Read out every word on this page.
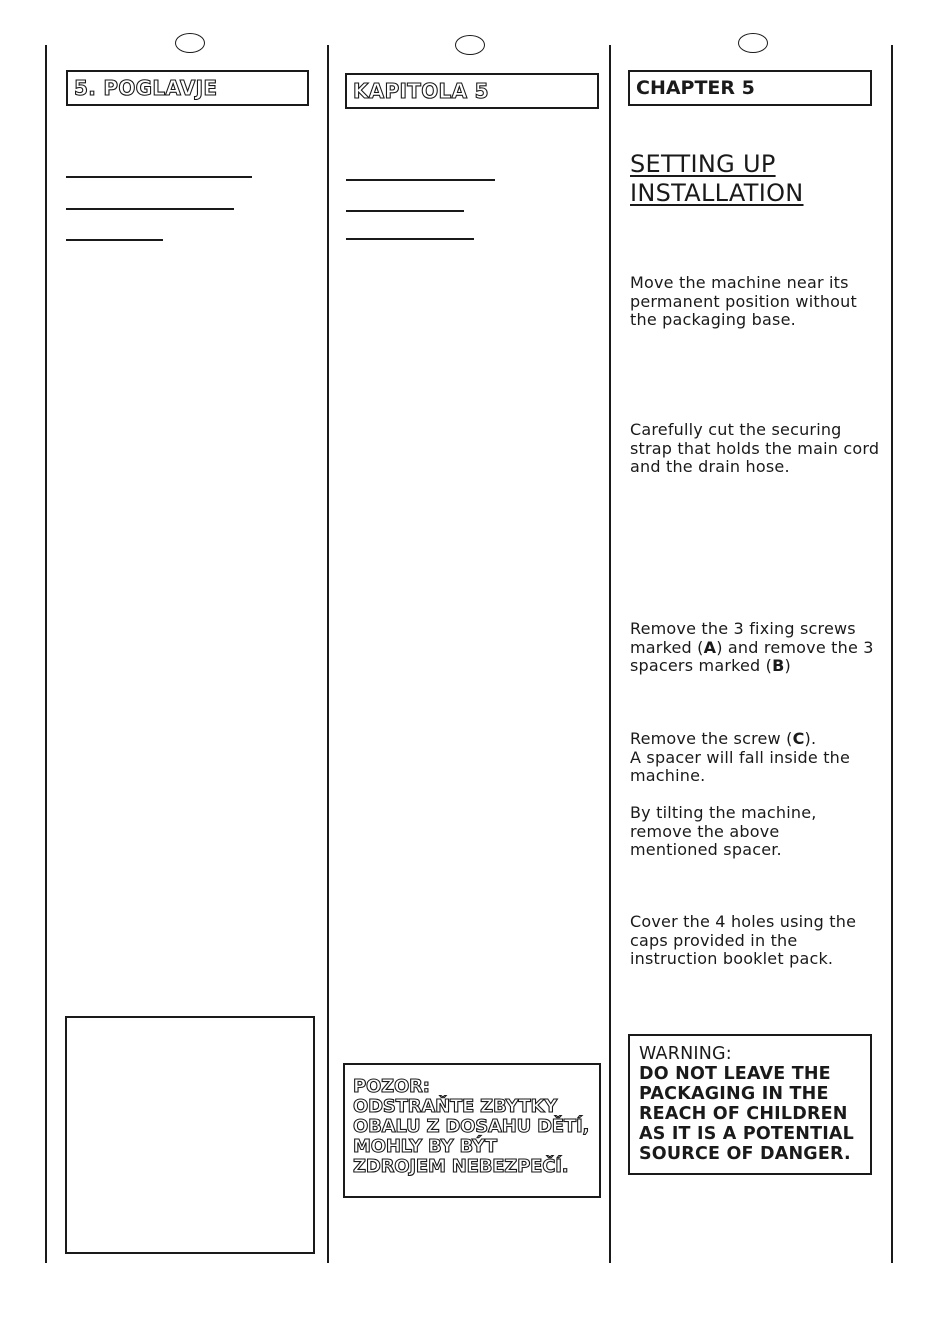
5. POGLAVJE	KAPITOLA 5
POZOR:
ODSTRAŇTE ZBYTKY
OBALU Z DOSAHU DĚTÍ,
MOHLY BY BÝT
ZDROJEM NEBEZPEČÍ.
CHAPTER 5
SETTING UP
INSTALLATION
Move the machine near its permanent position without the packaging base.
Carefully cut the securing strap that holds the main cord and the drain hose.
Remove the 3 fixing screws marked (A) and remove the 3 spacers marked (B)
Remove the screw (C).
A spacer will fall inside the machine.
By tilting the machine, remove the above mentioned spacer.
Cover the 4 holes using the caps provided in the instruction booklet pack.
WARNING:
DO NOT LEAVE THE
PACKAGING IN THE
REACH OF CHILDREN
AS IT IS A POTENTIAL
SOURCE OF DANGER.
